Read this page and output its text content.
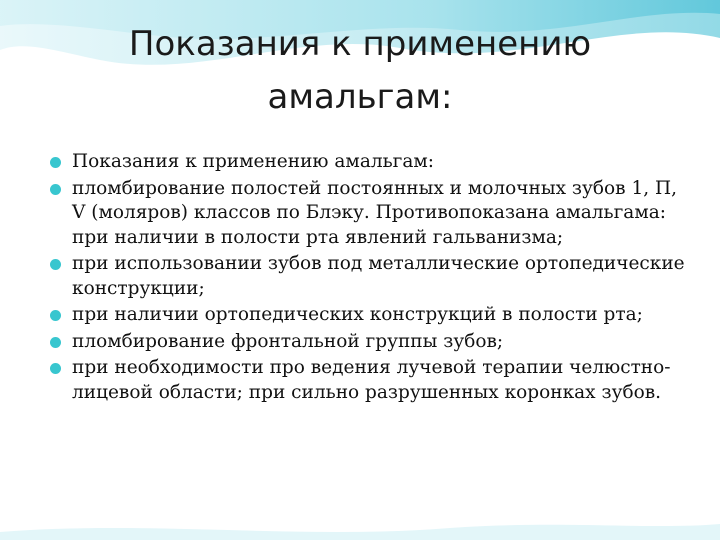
Показания к применению
амальгам:
Показания к применению амальгам:
пломбирование полостей постоянных и молочных зубов 1, П, V (моляров) классов по Блэку. Противопоказана амальгама: при наличии в полости рта явлений гальванизма;
при использовании зубов под металлические ортопедические конструкции;
при наличии ортопедических конструкций в полости рта;
пломбирование фронтальной группы зубов;
при необходимости про ведения лучевой терапии челюстно-лицевой области; при сильно разрушенных коронках зубов.
